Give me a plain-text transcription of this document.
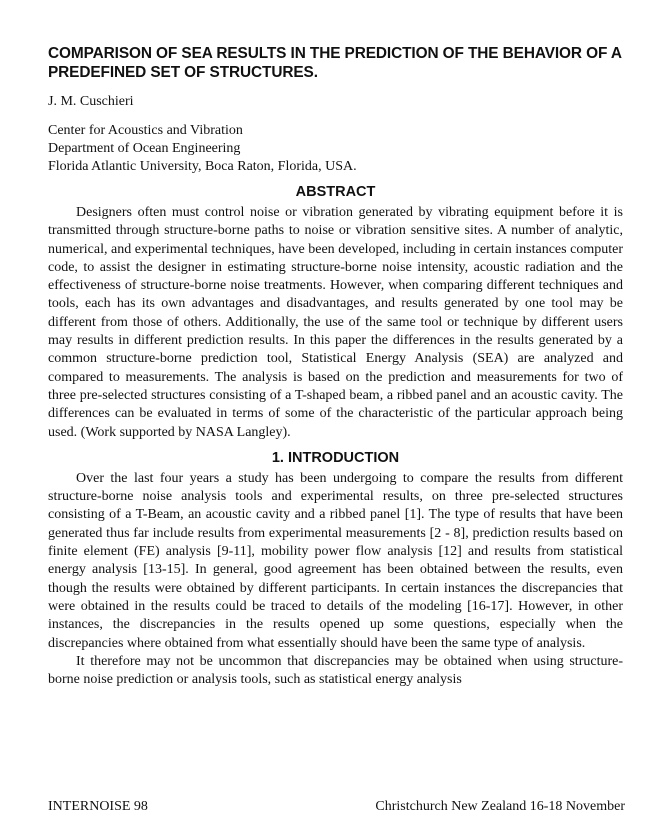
COMPARISON OF SEA RESULTS IN THE PREDICTION OF THE BEHAVIOR OF A PREDEFINED SET OF STRUCTURES.
J. M. Cuschieri
Center for Acoustics and Vibration
Department of Ocean Engineering
Florida Atlantic University, Boca Raton, Florida, USA.
ABSTRACT

Designers often must control noise or vibration generated by vibrating equipment before it is transmitted through structure-borne paths to noise or vibration sensitive sites. A number of analytic, numerical, and experimental techniques, have been developed, including in certain instances computer code, to assist the designer in estimating structure-borne noise intensity, acoustic radiation and the effectiveness of structure-borne noise treatments. However, when comparing different techniques and tools, each has its own advantages and disadvantages, and results generated by one tool may be different from those of others. Additionally, the use of the same tool or technique by different users may results in different prediction results. In this paper the differences in the results generated by a common structure-borne prediction tool, Statistical Energy Analysis (SEA) are analyzed and compared to measurements. The analysis is based on the prediction and measurements for two of three pre-selected structures consisting of a T-shaped beam, a ribbed panel and an acoustic cavity. The differences can be evaluated in terms of some of the characteristic of the particular approach being used. (Work supported by NASA Langley).

1. INTRODUCTION

Over the last four years a study has been undergoing to compare the results from different structure-borne noise analysis tools and experimental results, on three pre-selected structures consisting of a T-Beam, an acoustic cavity and a ribbed panel [1]. The type of results that have been generated thus far include results from experimental measurements [2 - 8], prediction results based on finite element (FE) analysis [9-11], mobility power flow analysis [12] and results from statistical energy analysis [13-15]. In general, good agreement has been obtained between the results, even though the results were obtained by different participants. In certain instances the discrepancies that were obtained in the results could be traced to details of the modeling [16-17]. However, in other instances, the discrepancies in the results opened up some questions, especially when the discrepancies where obtained from what essentially should have been the same type of analysis.

It therefore may not be uncommon that discrepancies may be obtained when using structure-borne noise prediction or analysis tools, such as statistical energy analysis

INTERNOISE 98	Christchurch New Zealand 16-18 November
